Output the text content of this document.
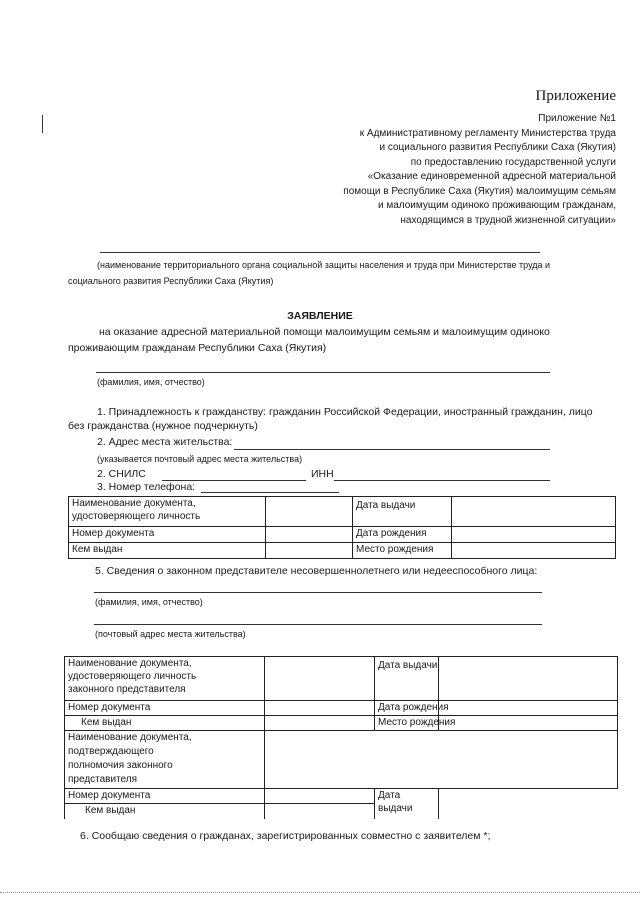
Приложение
Приложение №1
к Административному регламенту Министерства труда
и социального развития Республики Саха (Якутия)
по предоставлению государственной услуги
«Оказание единовременной адресной материальной
помощи в Республике Саха (Якутия) малоимущим семьям
и малоимущим одиноко проживающим гражданам,
находящимся в трудной жизненной ситуации»
(наименование территориального органа социальной защиты населения и труда при Министерстве труда и
социального развития Республики Саха (Якутия)
ЗАЯВЛЕНИЕ
на оказание адресной материальной помощи малоимущим семьям и малоимущим одиноко
проживающим гражданам Республики Саха (Якутия)
(фамилия, имя, отчество)
1. Принадлежность к гражданству: гражданин Российской Федерации, иностранный гражданин, лицо
без гражданства (нужное подчеркнуть)
2. Адрес места жительства:
(указывается почтовый адрес места жительства)
2. СНИЛС	ИНН
3. Номер телефона:
Наименование документа,
удостоверяющего личность		Дата выдачи	

Номер документа		Дата рождения	
Кем выдан		Место рождения	
5. Сведения о законном представителе несовершеннолетнего или недееспособного лица:
(фамилия, имя, отчество)
(почтовый адрес места жительства)
Наименование документа,
удостоверяющего личность
законного представителя		Дата выдачи	

Номер документа		Дата рождения	
Кем выдан		Место рождения	

Наименование документа,
подтверждающего
полномочия законного
представителя			

Номер документа		Дата
выдачи	

Кем выдан			
6. Сообщаю сведения о гражданах, зарегистрированных совместно с заявителем *;
